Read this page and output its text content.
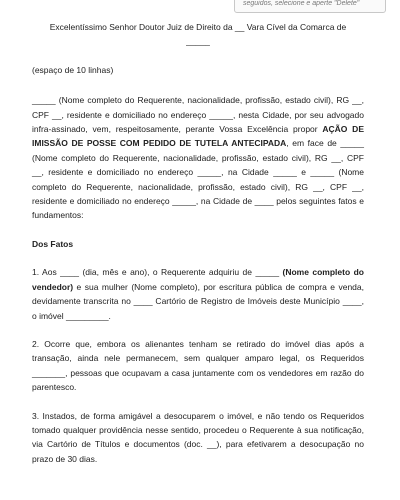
seguidos, selecione e aperte "Delete"

Excelentíssimo Senhor Doutor Juiz de Direito da __ Vara Cível da Comarca de

_____

(espaço de 10 linhas)

_____ (Nome completo do Requerente, nacionalidade, profissão, estado civil), RG __, CPF __, residente e domiciliado no endereço _____, nesta Cidade, por seu advogado infra-assinado, vem, respeitosamente, perante Vossa Excelência propor AÇÃO DE IMISSÃO DE POSSE COM PEDIDO DE TUTELA ANTECIPADA, em face de _____ (Nome completo do Requerente, nacionalidade, profissão, estado civil), RG __, CPF __, residente e domiciliado no endereço _____, na Cidade _____ e _____ (Nome completo do Requerente, nacionalidade, profissão, estado civil), RG __, CPF __, residente e domiciliado no endereço _____, na Cidade de ____ pelos seguintes fatos e fundamentos:

Dos Fatos

1. Aos ____ (dia, mês e ano), o Requerente adquiriu de _____ (Nome completo do vendedor) e sua mulher (Nome completo), por escritura pública de compra e venda, devidamente transcrita no ____ Cartório de Registro de Imóveis deste Município ____, o imóvel _________.

2. Ocorre que, embora os alienantes tenham se retirado do imóvel dias após a transação, ainda nele permanecem, sem qualquer amparo legal, os Requeridos _______, pessoas que ocupavam a casa juntamente com os vendedores em razão do parentesco.

3. Instados, de forma amigável a desocuparem o imóvel, e não tendo os Requeridos tomado qualquer providência nesse sentido, procedeu o Requerente à sua notificação, via Cartório de Títulos e documentos (doc. __), para efetivarem a desocupação no prazo de 30 dias.
